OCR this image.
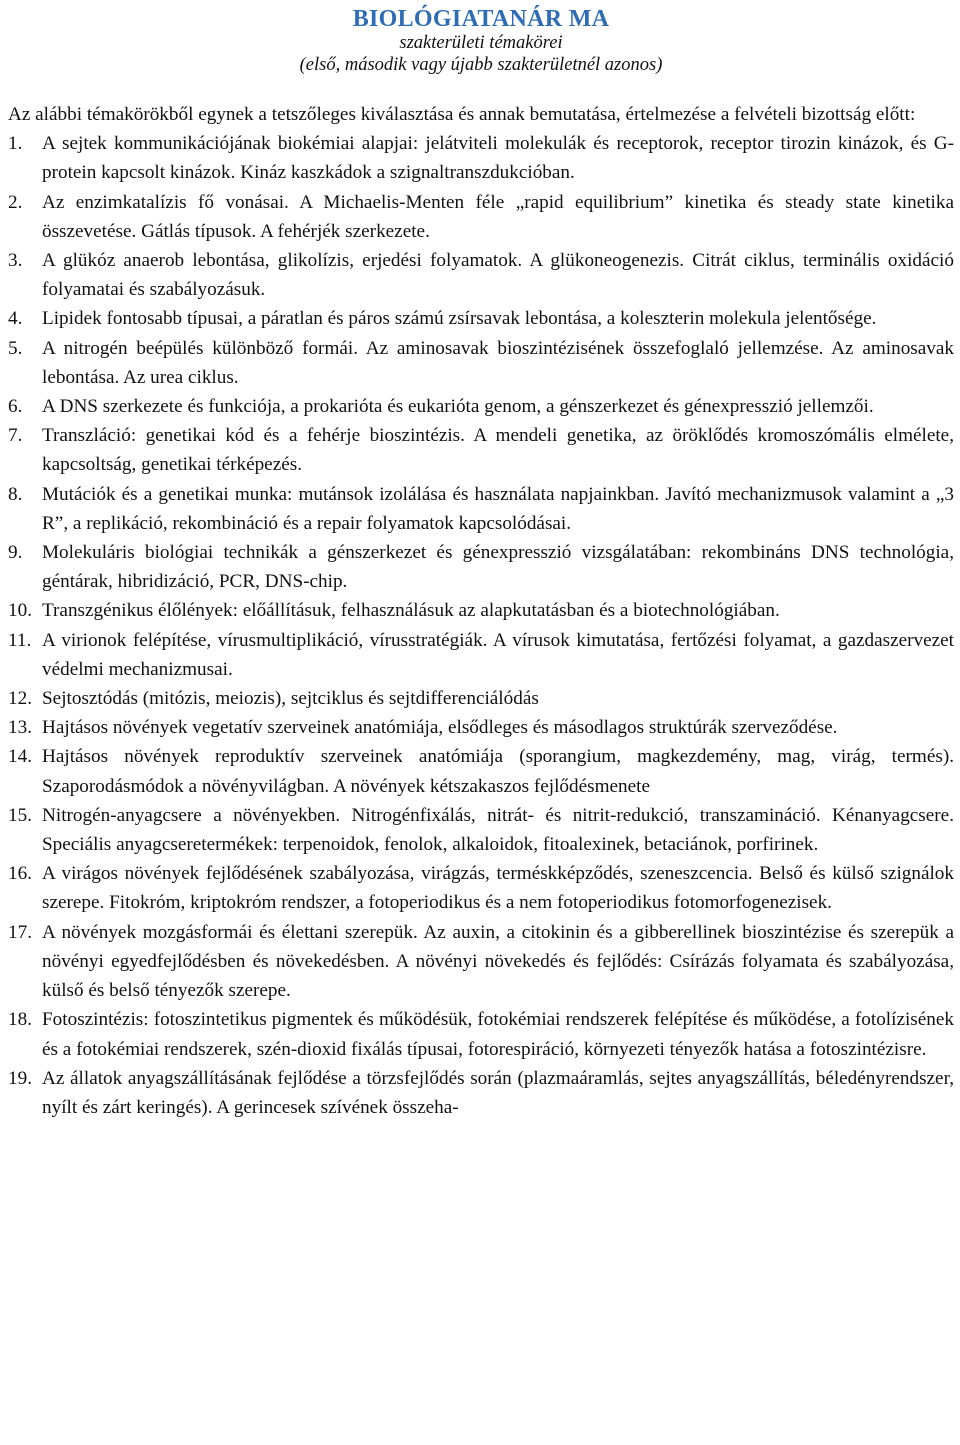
BIOLÓGIATANÁR MA
szakterületi témakörei
(első, második vagy újabb szakterületnél azonos)
Az alábbi témakörökből egynek a tetszőleges kiválasztása és annak bemutatása, értelmezése a felvételi bizottság előtt:
1. A sejtek kommunikációjának biokémiai alapjai: jelátviteli molekulák és receptorok, receptor tirozin kinázok, és G-protein kapcsolt kinázok. Kináz kaszkádok a szignaltranszdukcióban.
2. Az enzimkatalízis fő vonásai. A Michaelis-Menten féle „rapid equilibrium” kinetika és steady state kinetika összevetése. Gátlás típusok. A fehérjék szerkezete.
3. A glükóz anaerob lebontása, glikolízis, erjedési folyamatok. A glükoneogenezis. Citrát ciklus, terminális oxidáció folyamatai és szabályozásuk.
4. Lipidek fontosabb típusai, a páratlan és páros számú zsírsavak lebontása, a koleszterin molekula jelentősége.
5. A nitrogén beépülés különböző formái. Az aminosavak bioszintézisének összefoglaló jellemzése. Az aminosavak lebontása. Az urea ciklus.
6. A DNS szerkezete és funkciója, a prokarióta és eukarióta genom, a génszerkezet és génexpresszió jellemzői.
7. Transzláció: genetikai kód és a fehérje bioszintézis. A mendeli genetika, az öröklődés kromoszómális elmélete, kapcsoltság, genetikai térképezés.
8. Mutációk és a genetikai munka: mutánsok izolálása és használata napjainkban. Javító mechanizmusok valamint a „3 R”, a replikáció, rekombináció és a repair folyamatok kapcsolódásai.
9. Molekuláris biológiai technikák a génszerkezet és génexpresszió vizsgálatában: rekombináns DNS technológia, géntárak, hibridizáció, PCR, DNS-chip.
10. Transzgénikus élőlények: előállításuk, felhasználásuk az alapkutatásban és a biotechnológiában.
11. A virionok felépítése, vírusmultiplikáció, vírusstratégiák. A vírusok kimutatása, fertőzési folyamat, a gazdaszervezet védelmi mechanizmusai.
12. Sejtosztódás (mitózis, meiozis), sejtciklus és sejtdifferenciálódás
13. Hajtásos növények vegetatív szerveinek anatómiája, elsődleges és másodlagos struktúrák szerveződése.
14. Hajtásos növények reproduktív szerveinek anatómiája (sporangium, magkezdemény, mag, virág, termés). Szaporodásmódok a növényvilágban. A növények kétszakaszos fejlődésmenete
15. Nitrogén-anyagcsere a növényekben. Nitrogénfixálás, nitrát- és nitrit-redukció, transzamináció. Kénanyagcsere. Speciális anyagcseretermékek: terpenoidok, fenolok, alkaloidok, fitoalexinek, betaciánok, porfirinek.
16. A virágos növények fejlődésének szabályozása, virágzás, terméskképződés, szeneszcencia. Belső és külső szignálok szerepe. Fitokróm, kriptokróm rendszer, a fotoperiodikus és a nem fotoperiodikus fotomorfogenezisek.
17. A növények mozgásformái és élettani szerepük. Az auxin, a citokinin és a gibberellinek bioszintézise és szerepük a növényi egyedfejlődésben és növekedésben. A növényi növekedés és fejlődés: Csírázás folyamata és szabályozása, külső és belső tényezők szerepe.
18. Fotoszintézis: fotoszintetikus pigmentek és működésük, fotokémiai rendszerek felépítése és működése, a fotolízisének és a fotokémiai rendszerek, szén-dioxid fixálás típusai, fotorespiráció, környezeti tényezők hatása a fotoszintézisre.
19. Az állatok anyagszállításának fejlődése a törzsfejlődés során (plazmaáramlás, sejtes anyagszállítás, béledényrendszer, nyílt és zárt keringés). A gerincesek szívének összeha-
